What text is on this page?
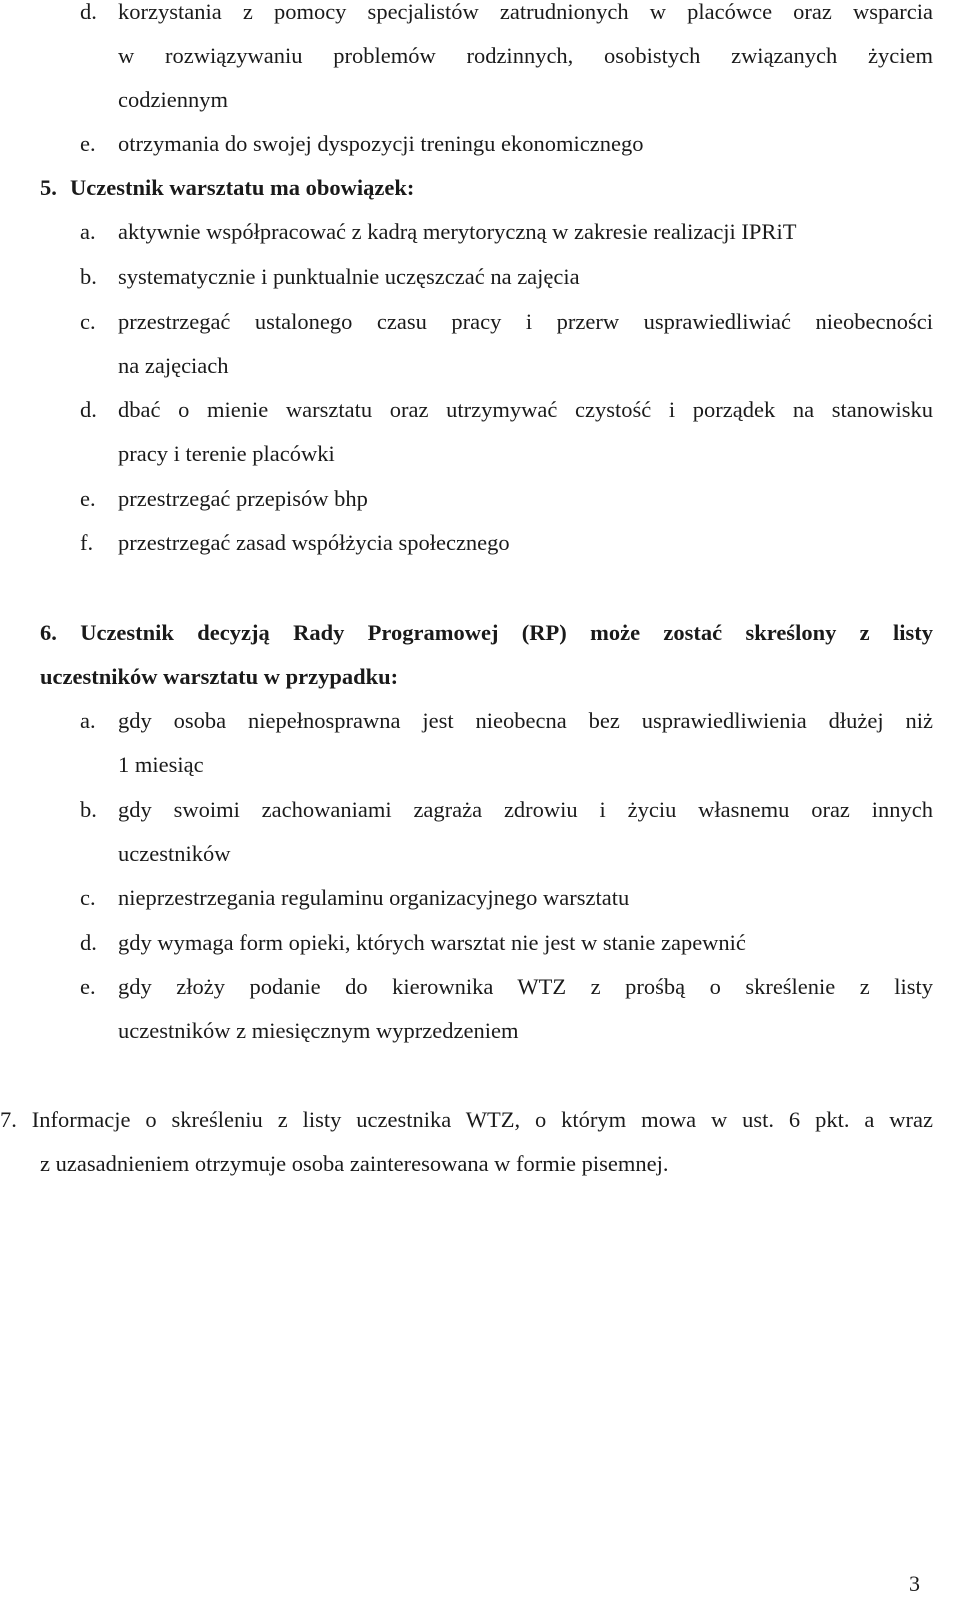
d. korzystania z pomocy specjalistów zatrudnionych w placówce oraz wsparcia
w rozwiązywaniu problemów rodzinnych, osobistych związanych życiem
codziennym
e. otrzymania do swojej dyspozycji treningu ekonomicznego
5. Uczestnik warsztatu ma obowiązek:
a. aktywnie współpracować z kadrą merytoryczną w zakresie realizacji IPRiT
b. systematycznie i punktualnie uczęszczać na zajęcia
c. przestrzegać ustalonego czasu pracy i przerw usprawiedliwiać nieobecności
na zajęciach
d. dbać o mienie warsztatu oraz utrzymywać czystość i porządek na stanowisku
pracy i terenie placówki
e. przestrzegać przepisów bhp
f. przestrzegać zasad współżycia społecznego
6. Uczestnik decyzją Rady Programowej (RP) może zostać skreślony z listy
uczestników warsztatu w przypadku:
a. gdy osoba niepełnosprawna jest nieobecna bez usprawiedliwienia dłużej niż
1 miesiąc
b. gdy swoimi zachowaniami zagraża zdrowiu i życiu własnemu oraz innych
uczestników
c. nieprzestrzegania regulaminu organizacyjnego warsztatu
d. gdy wymaga form opieki, których warsztat nie jest w stanie zapewnić
e. gdy złoży podanie do kierownika WTZ z prośbą o skreślenie z listy
uczestników z miesięcznym wyprzedzeniem
7. Informacje o skreśleniu z listy uczestnika WTZ, o którym mowa w ust. 6 pkt. a wraz
z uzasadnieniem otrzymuje osoba zainteresowana w formie pisemnej.
3
